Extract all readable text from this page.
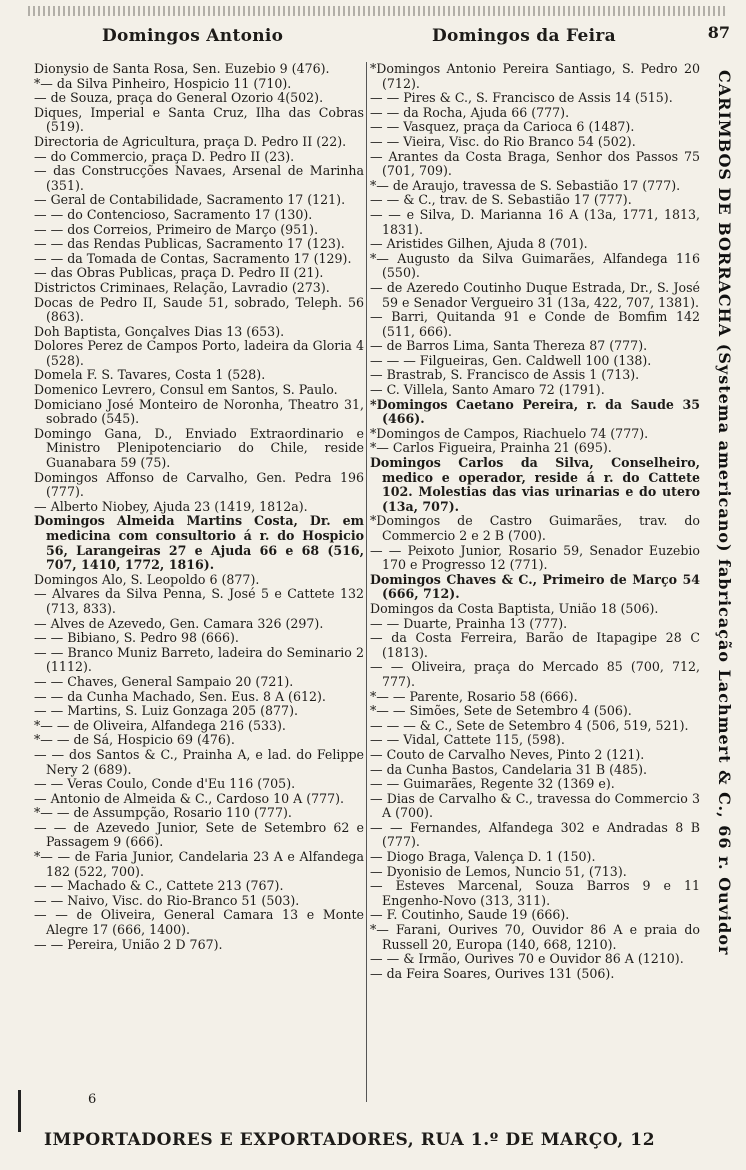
Domingos Antonio	Domingos da Feira	87

Dionysio de Santa Rosa, Sen. Euzebio 9 (476).

*— da Silva Pinheiro, Hospicio 11 (710).

— de Souza, praça do General Ozorio 4(502).

Diques, Imperial e Santa Cruz, Ilha das Cobras (519).

Directoria de Agricultura, praça D. Pedro II (22).

— do Commercio, praça D. Pedro II (23).

— das Construcções Navaes, Arsenal de Marinha (351).

— Geral de Contabilidade, Sacramento 17 (121).

— — do Contencioso, Sacramento 17 (130).

— — dos Correios, Primeiro de Março (951).

— — das Rendas Publicas, Sacramento 17 (123).

— — da Tomada de Contas, Sacramento 17 (129).

— das Obras Publicas, praça D. Pedro II (21).

Districtos Criminaes, Relação, Lavradio (273).

Docas de Pedro II, Saude 51, sobrado, Teleph. 56 (863).

Doh Baptista, Gonçalves Dias 13 (653).

Dolores Perez de Campos Porto, ladeira da Gloria 4 (528).

Domela F. S. Tavares, Costa 1 (528).

Domenico Levrero, Consul em Santos, S. Paulo.

Domiciano José Monteiro de Noronha, Theatro 31, sobrado (545).

Domingo Gana, D., Enviado Extraordinario e Ministro Plenipotenciario do Chile, reside Guanabara 59 (75).

Domingos Affonso de Carvalho, Gen. Pedra 196 (777).

— Alberto Niobey, Ajuda 23 (1419, 1812a).

Domingos Almeida Martins Costa, Dr. em medicina com consultorio á r. do Hospicio 56, Larangeiras 27 e Ajuda 66 e 68 (516, 707, 1410, 1772, 1816).

Domingos Alo, S. Leopoldo 6 (877).

— Alvares da Silva Penna, S. José 5 e Cattete 132 (713, 833).

— Alves de Azevedo, Gen. Camara 326 (297).

— — Bibiano, S. Pedro 98 (666).

— — Branco Muniz Barreto, ladeira do Seminario 2 (1112).

— — Chaves, General Sampaio 20 (721).

— — da Cunha Machado, Sen. Eus. 8 A (612).

— — Martins, S. Luiz Gonzaga 205 (877).

*— — de Oliveira, Alfandega 216 (533).

*— — de Sá, Hospicio 69 (476).

— — dos Santos & C., Prainha A, e lad. do Felippe Nery 2 (689).

— — Veras Coulo, Conde d'Eu 116 (705).

— Antonio de Almeida & C., Cardoso 10 A (777).

*— — de Assumpção, Rosario 110 (777).

— — de Azevedo Junior, Sete de Setembro 62 e Passagem 9 (666).

*— — de Faria Junior, Candelaria 23 A e Alfandega 182 (522, 700).

— — Machado & C., Cattete 213 (767).

— — Naivo, Visc. do Rio-Branco 51 (503).

— — de Oliveira, General Camara 13 e Monte Alegre 17 (666, 1400).

— — Pereira, União 2 D 767).

*Domingos Antonio Pereira Santiago, S. Pedro 20 (712).

— — Pires & C., S. Francisco de Assis 14 (515).

— — da Rocha, Ajuda 66 (777).

— — Vasquez, praça da Carioca 6 (1487).

— — Vieira, Visc. do Rio Branco 54 (502).

— Arantes da Costa Braga, Senhor dos Passos 75 (701, 709).

*— de Araujo, travessa de S. Sebastião 17 (777).

— — & C., trav. de S. Sebastião 17 (777).

— — e Silva, D. Marianna 16 A (13a, 1771, 1813, 1831).

— Aristides Gilhen, Ajuda 8 (701).

*— Augusto da Silva Guimarães, Alfandega 116 (550).

— de Azeredo Coutinho Duque Estrada, Dr., S. José 59 e Senador Vergueiro 31 (13a, 422, 707, 1381).

— Barri, Quitanda 91 e Conde de Bomfim 142 (511, 666).

— de Barros Lima, Santa Thereza 87 (777).

— — — Filgueiras, Gen. Caldwell 100 (138).

— Brastrab, S. Francisco de Assis 1 (713).

— C. Villela, Santo Amaro 72 (1791).

*Domingos Caetano Pereira, r. da Saude 35 (466).

*Domingos de Campos, Riachuelo 74 (777).

*— Carlos Figueira, Prainha 21 (695).

Domingos Carlos da Silva, Conselheiro, medico e operador, reside á r. do Cattete 102. Molestias das vias urinarias e do utero (13a, 707).

*Domingos de Castro Guimarães, trav. do Commercio 2 e 2 B (700).

— — Peixoto Junior, Rosario 59, Senador Euzebio 170 e Progresso 12 (771).

Domingos Chaves & C., Primeiro de Março 54 (666, 712).

Domingos da Costa Baptista, União 18 (506).

— — Duarte, Prainha 13 (777).

— da Costa Ferreira, Barão de Itapagipe 28 C (1813).

— — Oliveira, praça do Mercado 85 (700, 712, 777).

*— — Parente, Rosario 58 (666).

*— — Simões, Sete de Setembro 4 (506).

— — — & C., Sete de Setembro 4 (506, 519, 521).

— — Vidal, Cattete 115, (598).

— Couto de Carvalho Neves, Pinto 2 (121).

— da Cunha Bastos, Candelaria 31 B (485).

— — Guimarães, Regente 32 (1369 e).

— Dias de Carvalho & C., travessa do Commercio 3 A (700).

— — Fernandes, Alfandega 302 e Andradas 8 B (777).

— Diogo Braga, Valença D. 1 (150).

— Dyonisio de Lemos, Nuncio 51, (713).

— Esteves Marcenal, Souza Barros 9 e 11 Engenho-Novo (313, 311).

— F. Coutinho, Saude 19 (666).

*— Farani, Ourives 70, Ouvidor 86 A e praia do Russell 20, Europa (140, 668, 1210).

— — & Irmão, Ourives 70 e Ouvidor 86 A (1210).

— da Feira Soares, Ourives 131 (506).

CARIMBOS DE BORRACHA (Systema americano) fabricação Lachmert & C., 66 r. Ouvidor
6
IMPORTADORES E EXPORTADORES, RUA 1.º DE MARÇO, 12
